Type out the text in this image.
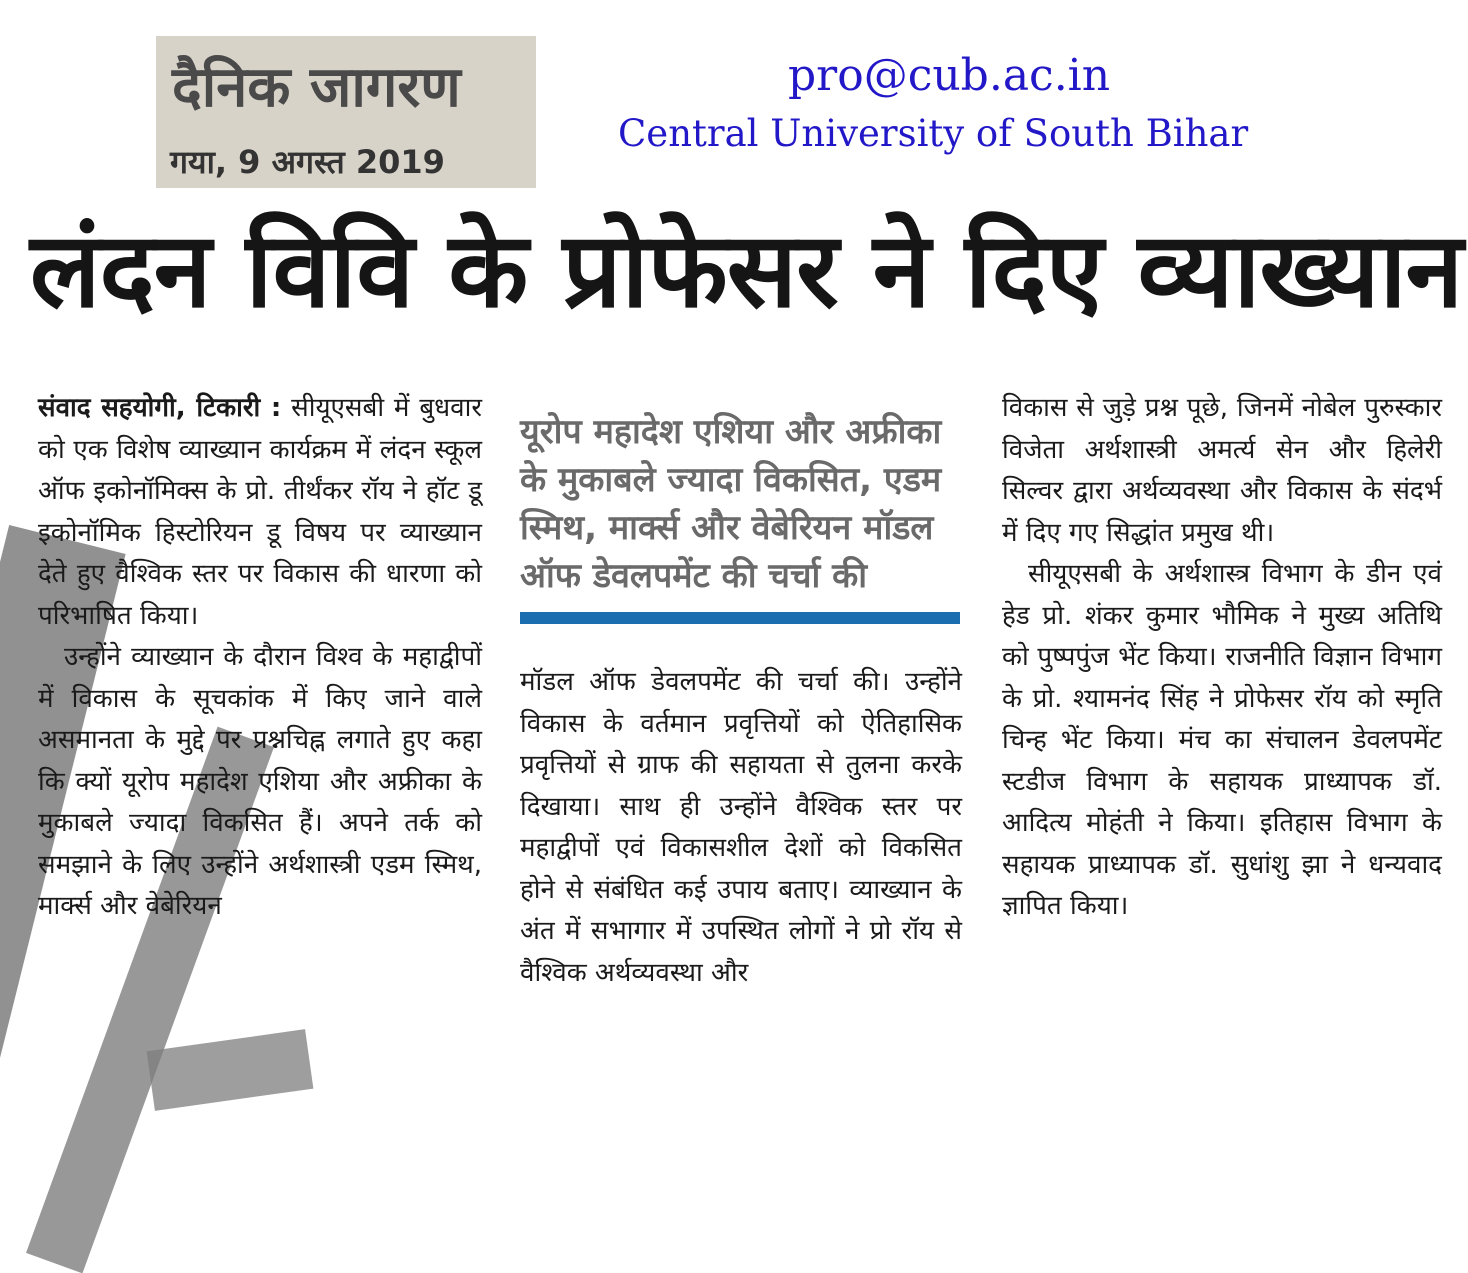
दैनिक जागरण
गया, 9 अगस्त 2019
pro@cub.ac.in
Central University of South Bihar
लंदन विवि के प्रोफेसर ने दिए व्याख्यान

संवाद सहयोगी, टिकारी : सीयूएसबी में बुधवार को एक विशेष व्याख्यान कार्यक्रम में लंदन स्कूल ऑफ इकोनॉमिक्स के प्रो. तीर्थंकर रॉय ने हॉट डू इकोनॉमिक हिस्टोरियन डू विषय पर व्याख्यान देते हुए वैश्विक स्तर पर विकास की धारणा को परिभाषित किया।

उन्होंने व्याख्यान के दौरान विश्व के महाद्वीपों में विकास के सूचकांक में किए जाने वाले असमानता के मुद्दे पर प्रश्नचिह्न लगाते हुए कहा कि क्यों यूरोप महादेश एशिया और अफ्रीका के मुकाबले ज्यादा विकसित हैं। अपने तर्क को समझाने के लिए उन्होंने अर्थशास्त्री एडम स्मिथ, मार्क्स और वेबेरियन

यूरोप महादेश एशिया और अफ्रीका के मुकाबले ज्यादा विकसित, एडम स्मिथ, मार्क्स और वेबेरियन मॉडल ऑफ डेवलपमेंट की चर्चा की

मॉडल ऑफ डेवलपमेंट की चर्चा की। उन्होंने विकास के वर्तमान प्रवृत्तियों को ऐतिहासिक प्रवृत्तियों से ग्राफ की सहायता से तुलना करके दिखाया। साथ ही उन्होंने वैश्विक स्तर पर महाद्वीपों एवं विकासशील देशों को विकसित होने से संबंधित कई उपाय बताए। व्याख्यान के अंत में सभागार में उपस्थित लोगों ने प्रो रॉय से वैश्विक अर्थव्यवस्था और

विकास से जुड़े प्रश्न पूछे, जिनमें नोबेल पुरुस्कार विजेता अर्थशास्त्री अमर्त्य सेन और हिलेरी सिल्वर द्वारा अर्थव्यवस्था और विकास के संदर्भ में दिए गए सिद्धांत प्रमुख थी।

सीयूएसबी के अर्थशास्त्र विभाग के डीन एवं हेड प्रो. शंकर कुमार भौमिक ने मुख्य अतिथि को पुष्पपुंज भेंट किया। राजनीति विज्ञान विभाग के प्रो. श्यामनंद सिंह ने प्रोफेसर रॉय को स्मृति चिन्ह भेंट किया। मंच का संचालन डेवलपमेंट स्टडीज विभाग के सहायक प्राध्यापक डॉ. आदित्य मोहंती ने किया। इतिहास विभाग के सहायक प्राध्यापक डॉ. सुधांशु झा ने धन्यवाद ज्ञापित किया।
